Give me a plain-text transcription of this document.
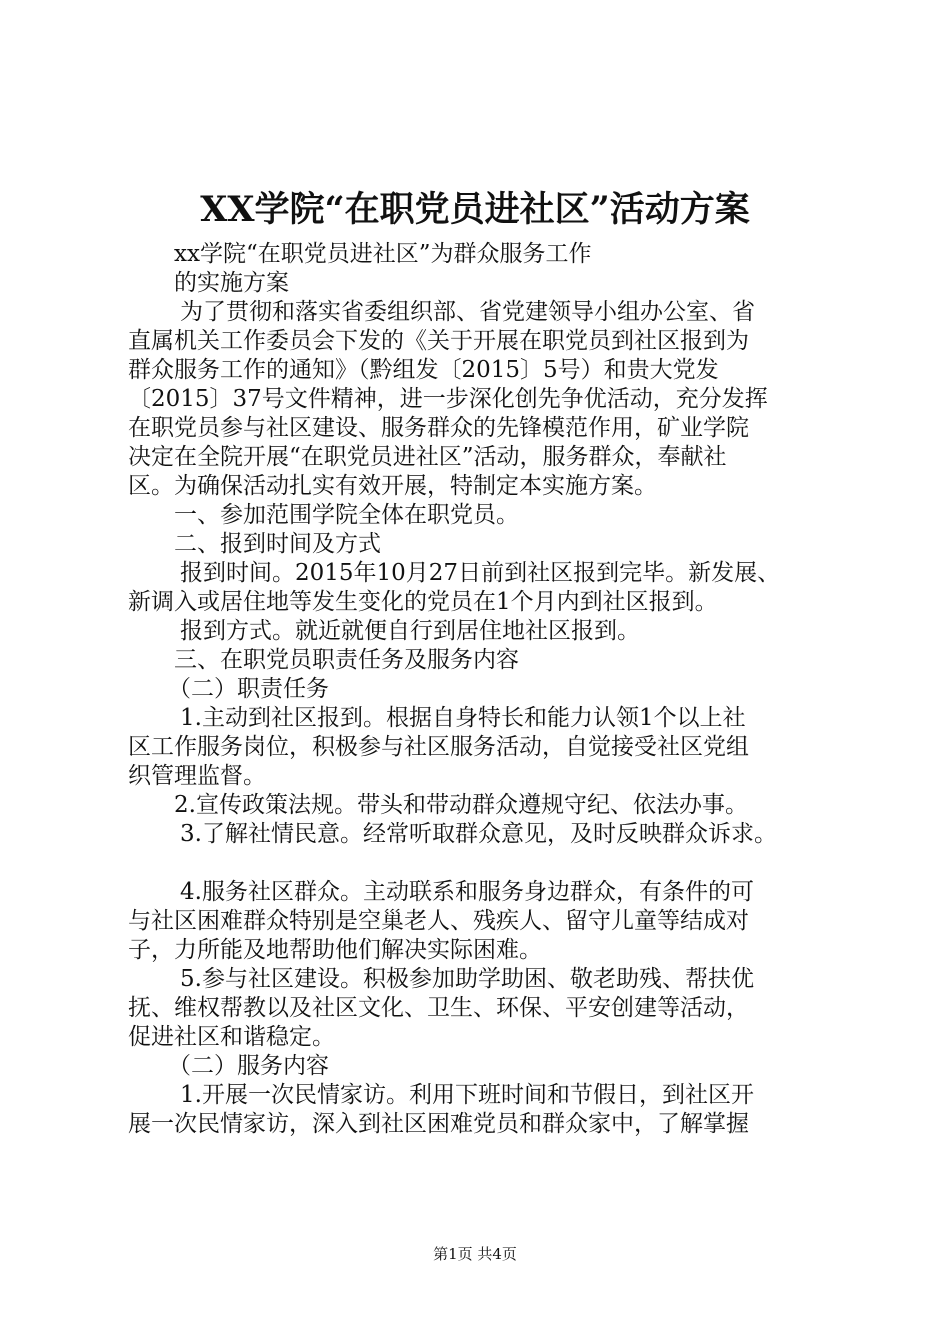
XX学院“在职党员进社区”活动方案
xx学院“在职党员进社区”为群众服务工作
的实施方案
为了贯彻和落实省委组织部、省党建领导小组办公室、省
直属机关工作委员会下发的《关于开展在职党员到社区报到为
群众服务工作的通知》（黔组发〔2015〕5号）和贵大党发
〔2015〕37号文件精神，进一步深化创先争优活动，充分发挥
在职党员参与社区建设、服务群众的先锋模范作用，矿业学院
决定在全院开展“在职党员进社区”活动，服务群众，奉献社
区。为确保活动扎实有效开展，特制定本实施方案。
一、参加范围学院全体在职党员。
二、报到时间及方式
报到时间。2015年10月27日前到社区报到完毕。新发展、
新调入或居住地等发生变化的党员在1个月内到社区报到。
报到方式。就近就便自行到居住地社区报到。
三、在职党员职责任务及服务内容
（二）职责任务
1.主动到社区报到。根据自身特长和能力认领1个以上社
区工作服务岗位，积极参与社区服务活动，自觉接受社区党组
织管理监督。
2.宣传政策法规。带头和带动群众遵规守纪、依法办事。
3.了解社情民意。经常听取群众意见，及时反映群众诉求。
4.服务社区群众。主动联系和服务身边群众，有条件的可
与社区困难群众特别是空巢老人、残疾人、留守儿童等结成对
子，力所能及地帮助他们解决实际困难。
5.参与社区建设。积极参加助学助困、敬老助残、帮扶优
抚、维权帮教以及社区文化、卫生、环保、平安创建等活动，
促进社区和谐稳定。
（二）服务内容
1.开展一次民情家访。利用下班时间和节假日，到社区开
展一次民情家访，深入到社区困难党员和群众家中，了解掌握
第1页 共4页
